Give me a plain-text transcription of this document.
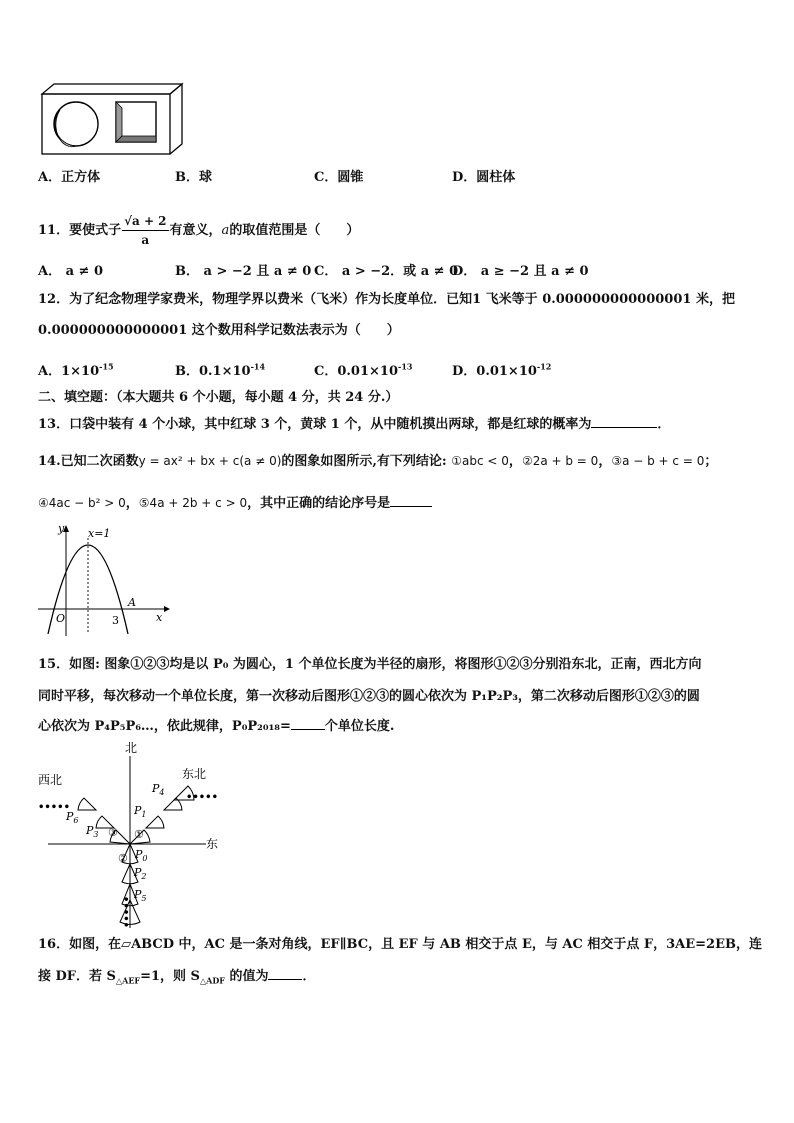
A．正方体	B．球	C．圆锥	D．圆柱体
11．要使式子 $\frac{√a + 2}{a}$ 有意义，a的取值范围是（　　）
A． a ≠ 0	B． a > −2 且 a ≠ 0 C． a > −2．或 a ≠ 0
D． a ≥ −2 且 a ≠ 0
12．为了纪念物理学家费米，物理学界以费米（飞米）作为长度单位．已知1 飞米等于 0.000000000000001 米，把
0.000000000000001 这个数用科学记数法表示为（　　）
A．$1\times 10^{-15}$	B．$0.1\times 10^{-14}$	C．$0.01\times 10^{-13}$	D．$0.01\times 10^{-12}$
二、填空题：（本大题共 6 个小题，每小题 4 分，共 24 分.）
13．口袋中装有 4 个小球，其中红球 3 个，黄球 1 个，从中随机摸出两球，都是红球的概率为	．
14.已知二次函数y = ax² + bx + c(a ≠ 0)的图象如图所示,有下列结论: ①abc < 0，②2a + b = 0，③a − b + c = 0；
④4ac − b² > 0，⑤4a + 2b + c > 0，其中正确的结论序号是
y
x
O
x=1
3
A
15．如图: 图象①②③均是以 P₀ 为圆心，1 个单位长度为半径的扇形，将图形①②③分别沿东北，正南，西北方向
同时平移，每次移动一个单位长度，第一次移动后图形①②③的圆心依次为 P₁P₂P₃，第二次移动后图形①②③的圆
心依次为 P₄P₅P₆…，依此规律，P₀P₂₀₁₈=	个单位长度.
北
东
西北	东北
•••••
•••••
•••••
$P_0$
$P_1$
$P_2$
$P_3$
$P_4$
$P_5$
$P_6$
①
②
③
16．如图，在▱ABCD 中，AC 是一条对角线，EF∥BC，且 EF 与 AB 相交于点 E，与 AC 相交于点 F，3AE=2EB，连
接 DF．若 $S_{\triangle AEF}=1$，则 $S_{\triangle ADF}$ 的值为	．
